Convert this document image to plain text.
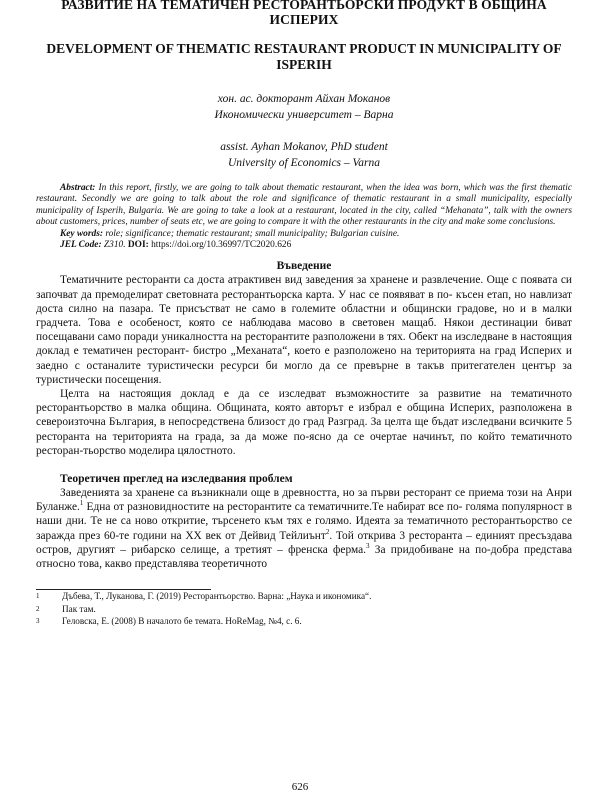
РАЗВИТИЕ НА ТЕМАТИЧЕН РЕСТОРАНТЬОРСКИ ПРОДУКТ В ОБЩИНА ИСПЕРИХ
DEVELOPMENT OF THEMATIC RESTAURANT PRODUCT IN MUNICIPALITY OF ISPERIH
хон. ас. докторант Айхан Моканов
Икономически университет – Варна
assist. Ayhan Mokanov, PhD student
University of Economics – Varna
Abstract: In this report, firstly, we are going to talk about thematic restaurant, when the idea was born, which was the first thematic restaurant. Secondly we are going to talk about the role and significance of thematic restaurant in a small municipality, especially municipality of Isperih, Bulgaria. We are going to take a look at a restaurant, located in the city, called “Mehanata”, talk with the owners about customers, prices, number of seats etc, we are going to compare it with the other restaurants in the city and make some conclusions.
Key words: role; significance; thematic restaurant; small municipality; Bulgarian cuisine.
JEL Code: Z310. DOI: https://doi.org/10.36997/TC2020.626
Въведение

Тематичните ресторанти са доста атрактивен вид заведения за хранене и развлечение. Още с появата си започват да премоделират световната ресторантьорска карта. У нас се появяват в по- късен етап, но навлизат доста силно на пазара. Те присъстват не само в големите областни и общински градове, но и в малки градчета. Това е особеност, която се наблюдава масово в световен мащаб. Някои дестинации биват посещавани само поради уникалността на ресторантите разположени в тях. Обект на изследване в настоящия доклад е тематичен ресторант- бистро „Механата“, което е разположено на територията на град Исперих и заедно с останалите туристически ресурси би могло да се превърне в такъв притегателен център за туристически посещения.

Целта на настоящия доклад е да се изследват възможностите за развитие на тематичното ресторантьорство в малка община. Общината, която авторът е избрал е община Исперих, разположена в североизточна България, в непосредствена близост до град Разград. За целта ще бъдат изследвани всичките 5 ресторанта на територията на града, за да може по-ясно да се очертае начинът, по който тематичното ресторан-тьорство моделира цялостното.

Теоретичен преглед на изследвания проблем

Заведенията за хранене са възникнали още в древността, но за първи ресторант се приема този на Анри Буланже.$^1$ Една от разновидностите на ресторантите са тематичните.Те набират все по- голяма популярност в наши дни. Те не са ново откритие, търсенето към тях е голямо. Идеята за тематичното ресторантьорство се заражда през 60-те години на XX век от Дейвид Тейлиънт$^2$. Той открива 3 ресторанта – единият пресъздава остров, другият – рибарско селище, а третият – френска ферма.$^3$ За придобиване на по-добра представа относно това, какво представлява теоретичното

1	Дъбева, Т., Луканова, Г. (2019) Ресторантьорство. Варна: „Наука и икономика“.
2	Пак там.
3	Геловска, Е. (2008) В началото бе темата. HoReMag, №4, с. 6.
626
